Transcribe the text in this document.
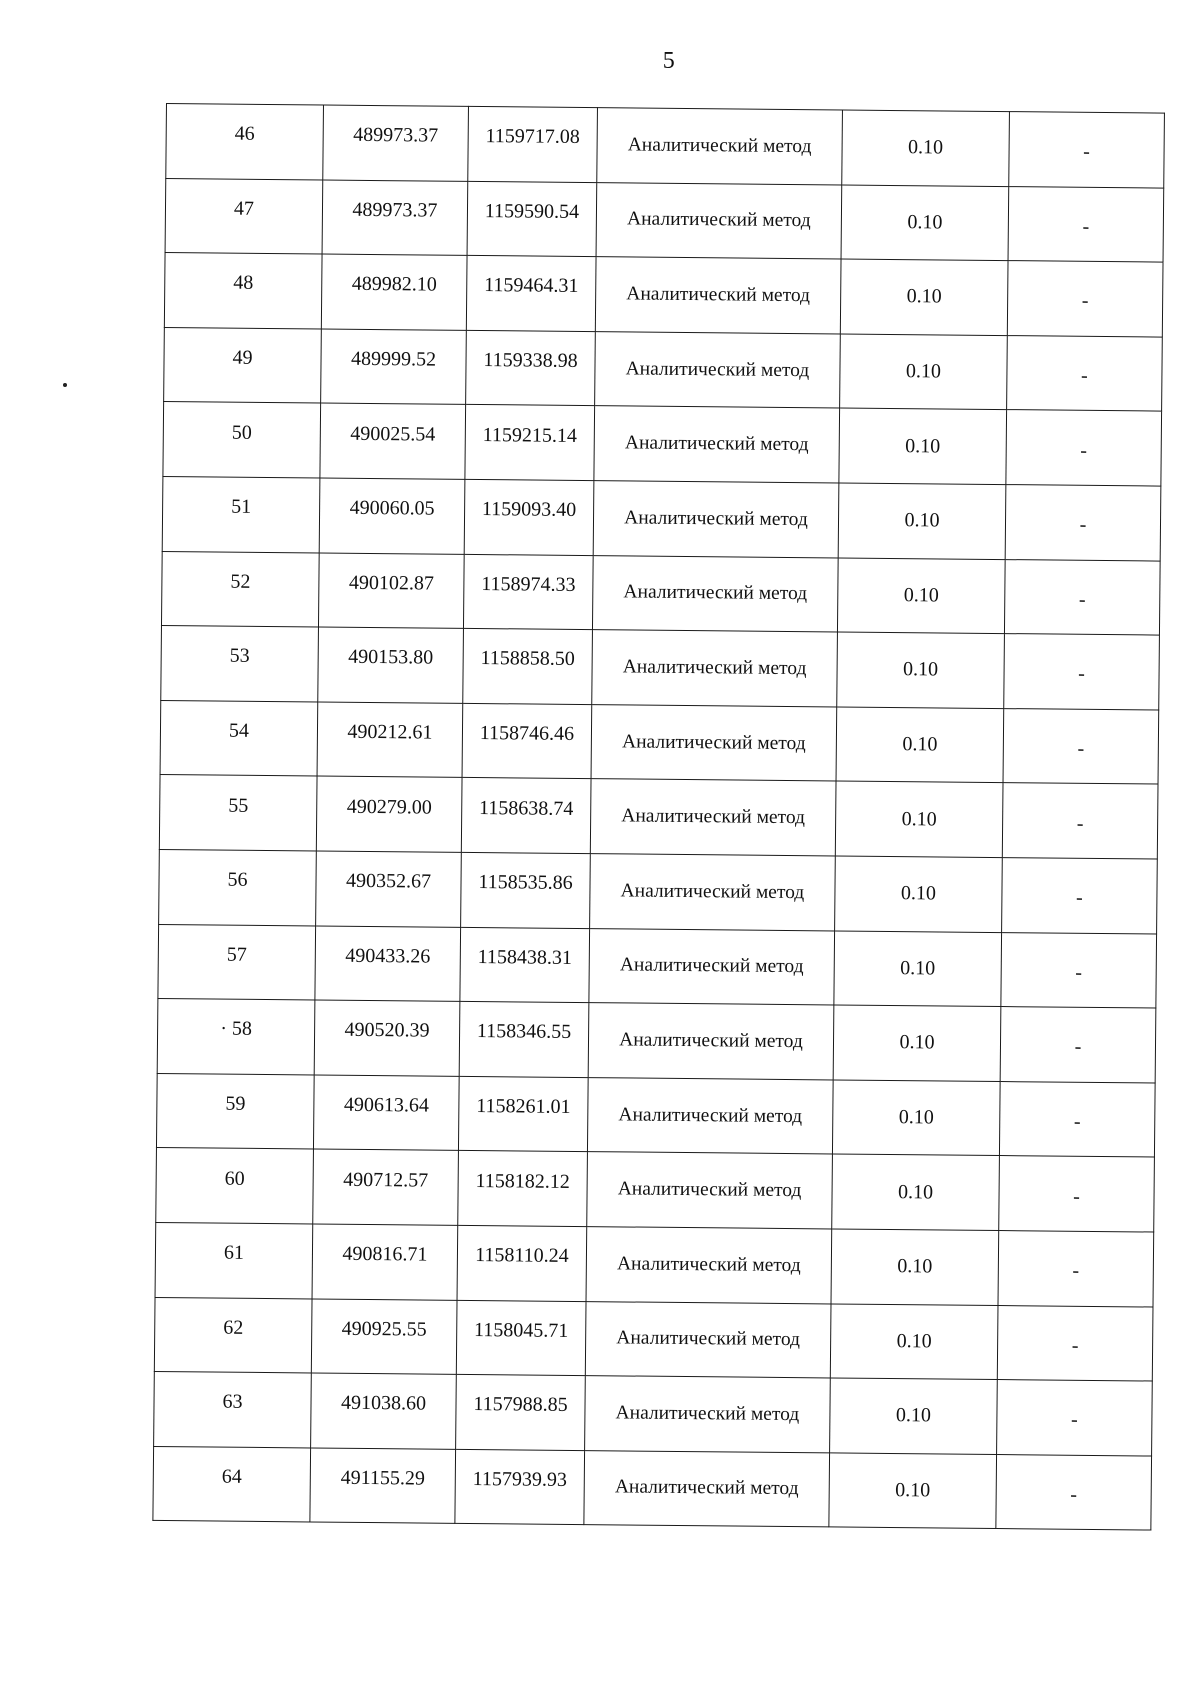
5
46	489973.37	1159717.08	Аналитический метод	0.10	-
47	489973.37	1159590.54	Аналитический метод	0.10	-
48	489982.10	1159464.31	Аналитический метод	0.10	-
49	489999.52	1159338.98	Аналитический метод	0.10	-
50	490025.54	1159215.14	Аналитический метод	0.10	-
51	490060.05	1159093.40	Аналитический метод	0.10	-
52	490102.87	1158974.33	Аналитический метод	0.10	-
53	490153.80	1158858.50	Аналитический метод	0.10	-
54	490212.61	1158746.46	Аналитический метод	0.10	-
55	490279.00	1158638.74	Аналитический метод	0.10	-
56	490352.67	1158535.86	Аналитический метод	0.10	-
57	490433.26	1158438.31	Аналитический метод	0.10	-
· 58	490520.39	1158346.55	Аналитический метод	0.10	-
59	490613.64	1158261.01	Аналитический метод	0.10	-
60	490712.57	1158182.12	Аналитический метод	0.10	-
61	490816.71	1158110.24	Аналитический метод	0.10	-
62	490925.55	1158045.71	Аналитический метод	0.10	-
63	491038.60	1157988.85	Аналитический метод	0.10	-
64	491155.29	1157939.93	Аналитический метод	0.10	-
